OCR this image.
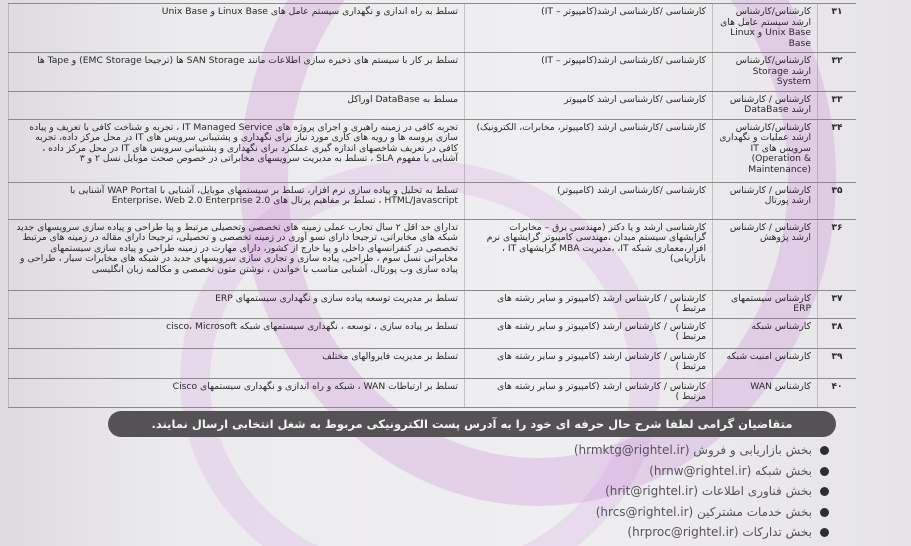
۳۱	کارشناس/کارشناس ارشد سیستم عامل های Unix Base و Linux Base	کارشناسی /کارشناسی ارشد(کامپیوتر – IT)	تسلط به راه اندازی و نگهداری سیستم عامل های Linux Base و Unix Base
۳۲	کارشناس/کارشناس ارشد Storage System	کارشناسی /کارشناسی ارشد(کامپیوتر – IT)	تسلط بر کار با سیستم های ذخیره سازی اطلاعات مانند SAN Storage ها (ترجیحا EMC Storage) و Tape ها
۳۳	کارشناس / کارشناس ارشد DataBase	کارشناسی /کارشناسی ارشد کامپیوتر	مسلط به DataBase اوراکل
۳۴	کارشناس/کارشناس ارشد عملیات و نگهداری سرویس های IT (Operation & Maintenance)	کارشناسی /کارشناسی ارشد (کامپیوتر، مخابرات، الکترونیک)	تجربه کافی در زمینه راهبری و اجرای پروژه های IT Managed Service ، تجربه و شناخت کافی با تعریف و پیاده سازی پروسه ها و رویه های کاری مورد نیاز برای نگهداری و پشتیبانی سرویس های IT در محل مرکز داده، تجربه کافی در تعریف شاخصهای اندازه گیری عملکرد برای نگهداری و پشتیبانی سرویس های IT در محل مرکز داده ، آشنایی با مفهوم SLA ، تسلط به مدیریت سرویسهای مخابراتی در خصوص صحت موبایل نسل ۲ و ۳
۳۵	کارشناس / کارشناس ارشد پورتال	کارشناسی /کارشناسی ارشد (کامپیوتر)	تسلط به تحلیل و پیاده سازی نرم افزار، تسلط بر سیستمهای موبایل، آشنایی با WAP Portal آشنایی با HTML/Javascript ، تسلط بر مفاهیم پرتال های Enterprise، Web 2.0 Enterprise 2.0
۳۶	کارشناس / کارشناس ارشد پژوهش	کارشناسی ارشد و یا دکتر (مهندسی برق – مخابرات گرایشهای سیستم میدان ،مهندسی کامپیوتر گرایشهای نرم افزار،معماری شبکه IT، ،مدیریت MBA گرایشهای IT ، بازاریابی)	تدارای حد اقل ۲ سال تجارب عملی زمینه های تخصصی وتحصیلی مرتبط و پیا طراحی و پیاده سازی سرویسهای جدید شبکه های مخابراتی، ترجیحا دارای نسو آوری در زمینه تخصصی و تحصیلی، ترجیحا دارای مقاله در زمینه های مرتبط تخصصی در کنفرانسهای داخلی و پیا خارج از کشور، دارای مهارت در زمینه طراحی و پیاده سازی سیستمهای مخابراتی نسل سوم ، طراحی، پیاده سازی و تجاری سازی سرویسهای جدید در شبکه های مخابرات سیار ، طراحی و پیاده سازی وب پورتال، آشنایی مناسب با خواندن ، نوشتن متون تخصصی و مکالمه زبان انگلیسی
۳۷	کارشناس سیستمهای ERP	کارشناس / کارشناس ارشد (کامپیوتر و سایر رشته های مرتبط )	تسلط بر مدیریت توسعه پیاده سازی و نگهداری سیستمهای ERP
۳۸	کارشناس شبکه	کارشناس / کارشناس ارشد (کامپیوتر و سایر رشته های مرتبط )	تسلط بر پیاده سازی ، توسعه ، نگهداری سیستمهای شبکه cisco، Microsoft
۳۹	کارشناس امنیت شبکه	کارشناس / کارشناس ارشد (کامپیوتر و سایر رشته های مرتبط )	تسلط بر مدیریت فایروالهای مختلف
۴۰	کارشناس WAN	کارشناس / کارشناس ارشد (کامپیوتر و سایر رشته های مرتبط )	تسلط بر ارتباطات WAN ، شبکه و راه اندازی و نگهداری سیستمهای Cisco
متقاضیان گرامی لطفا شرح حال حرفه ای خود را به آدرس پست الکترونیکی مربوط به شغل انتخابی ارسال نمایند.
بخش بازاریابی و فروش (hrmktg@rightel.ir)
بخش شبکه (hrnw@rightel.ir)
بخش فناوری اطلاعات (hrit@rightel.ir)
بخش خدمات مشترکین (hrcs@rightel.ir)
بخش تدارکات (hrproc@rightel.ir)
